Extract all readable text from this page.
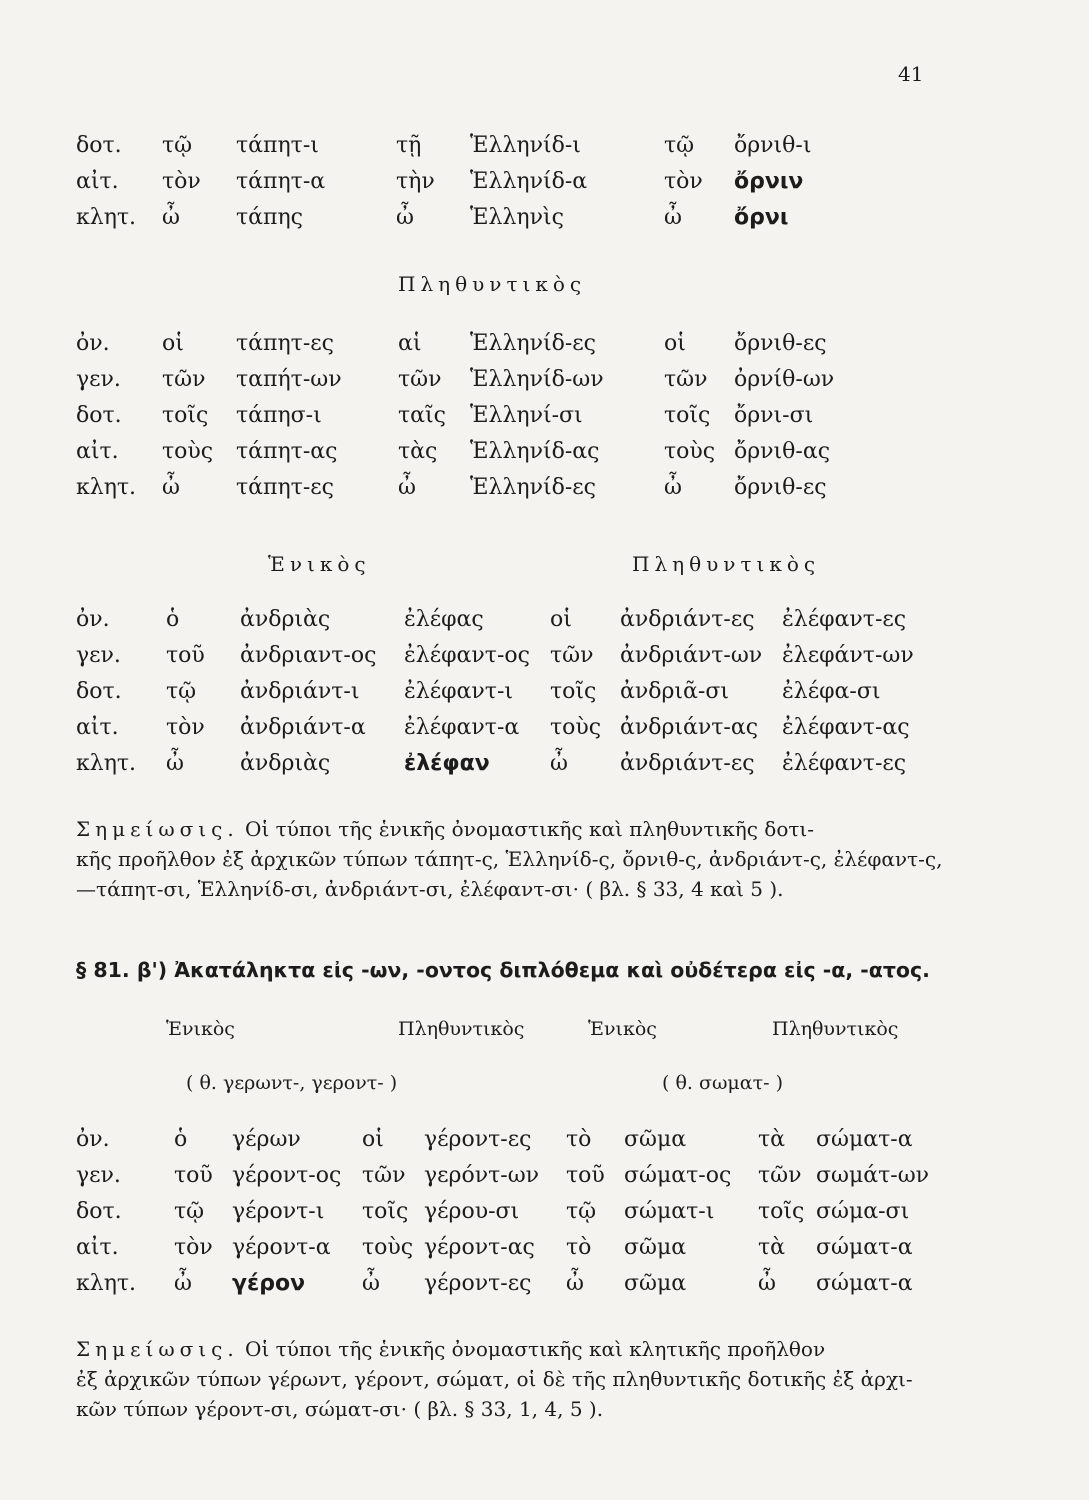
41
δοτ. τῷ τάπητ-ι	τῇ Ἑλληνίδ-ι	τῷ ὄρνιθ-ι
αἰτ. τὸν τάπητ-α	τὴν Ἑλληνίδ-α	τὸν ὄρνιν
κλητ. ὦ	τάπης	ὦ	Ἑλληνὶς	ὦ ὄρνι
Πληθυντικὸς
ὀν. οἱ τάπητ-ες	αἱ Ἑλληνίδ-ες	οἱ ὄρνιθ-ες
γεν. τῶν ταπήτ-ων	τῶν Ἑλληνίδ-ων	τῶν ὀρνίθ-ων
δοτ. τοῖς τάπησ-ι	ταῖς Ἑλληνί-σι	τοῖς ὄρνι-σι
αἰτ. τοὺς τάπητ-ας	τὰς Ἑλληνίδ-ας	τοὺς ὄρνιθ-ας
κλητ. ὦ	τάπητ-ες	ὦ Ἑλληνίδ-ες	ὦ ὄρνιθ-ες
Ἑνικὸς	Πληθυντικὸς
ὀν.	ὁ	ἀνδριὰς	ἐλέφας	οἱ ἀνδριάντ-ες ἐλέφαντ-ες
γεν. τοῦ ἀνδριαντ-ος ἐλέφαντ-ος τῶν ἀνδριάντ-ων ἐλεφάντ-ων
δοτ. τῷ ἀνδριάντ-ι ἐλέφαντ-ι τοῖς ἀνδριᾶ-σι ἐλέφα-σι
αἰτ. τὸν ἀνδριάντ-α ἐλέφαντ-α τοὺς ἀνδριάντ-ας ἐλέφαντ-ας
κλητ. ὦ	ἀνδριὰς	ἐλέφαν	ὦ ἀνδριάντ-ες ἐλέφαντ-ες

Σημείωσις. Οἱ τύποι τῆς ἑνικῆς ὀνομαστικῆς καὶ πληθυντικῆς δοτι-

κῆς προῆλθον ἐξ ἀρχικῶν τύπων τάπητ-ς, Ἑλληνίδ-ς, ὄρνιθ-ς, ἀνδριάντ-ς, ἐλέφαντ-ς,

—τάπητ-σι, Ἑλληνίδ-σι, ἀνδριάντ-σι, ἐλέφαντ-σι· ( βλ. § 33, 4 καὶ 5 ).

§ 81. β') Ἀκατάληκτα εἰς -ων, -οντος διπλόθεμα καὶ οὐδέτερα εἰς -α, -ατος.
Ἑνικὸς	Πληθυντικὸς	Ἑνικὸς	Πληθυντικὸς
( θ. γερωντ-, γεροντ- )	( θ. σωματ- )
ὀν.	ὁ γέρων	οἱ γέροντ-ες τὸ σῶμα	τὰ σώματ-α
γεν. τοῦ γέροντ-ος τῶν γερόντ-ων τοῦ σώματ-ος τῶν σωμάτ-ων
δοτ. τῷ γέροντ-ι τοῖς γέρου-σι τῷ σώματ-ι τοῖς σώμα-σι
αἰτ.	τὸν γέροντ-α τοὺς γέροντ-ας τὸ σῶμα	τὰ σώματ-α
κλητ. ὦ γέρον	ὦ γέροντ-ες ὦ σῶμα	ὦ σώματ-α

Σημείωσις. Οἱ τύποι τῆς ἑνικῆς ὀνομαστικῆς καὶ κλητικῆς προῆλθον

ἐξ ἀρχικῶν τύπων γέρωντ, γέροντ, σώματ, οἱ δὲ τῆς πληθυντικῆς δοτικῆς ἐξ ἀρχι-

κῶν τύπων γέροντ-σι, σώματ-σι· ( βλ. § 33, 1, 4, 5 ).
